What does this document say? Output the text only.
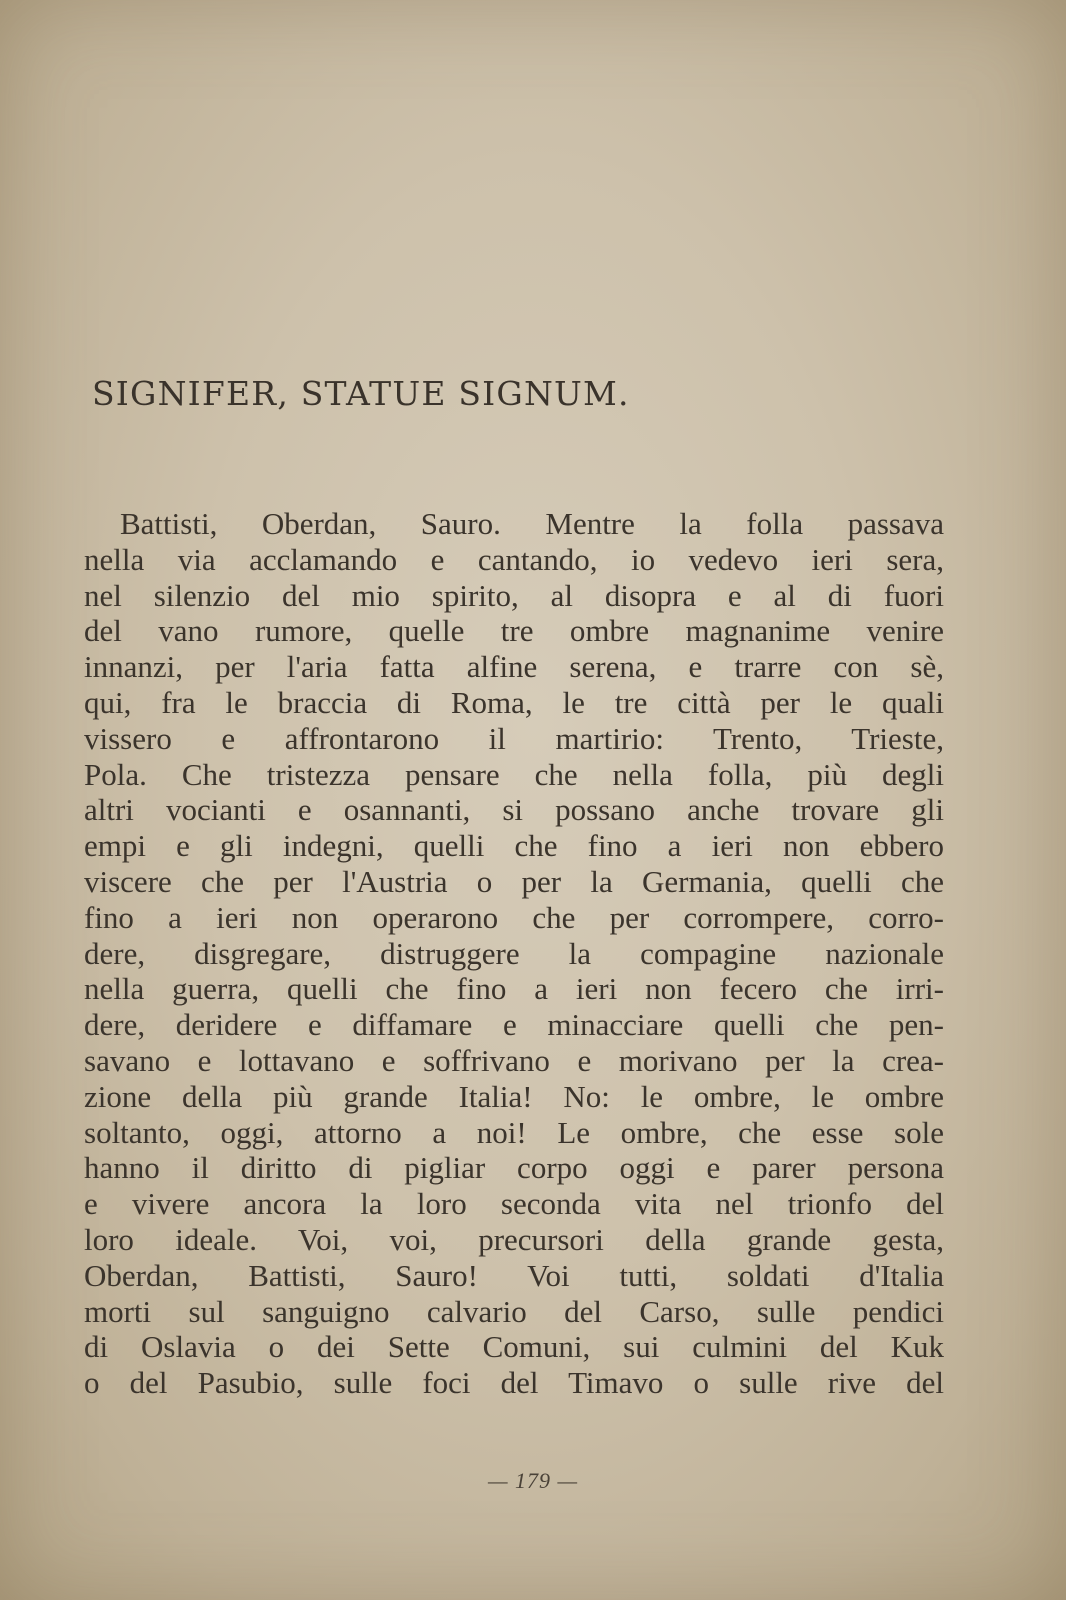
SIGNIFER, STATUE SIGNUM.
Battisti, Oberdan, Sauro. Mentre la folla passava
nella via acclamando e cantando, io vedevo ieri sera,
nel silenzio del mio spirito, al disopra e al di fuori
del vano rumore, quelle tre ombre magnanime venire
innanzi, per l'aria fatta alfine serena, e trarre con sè,
qui, fra le braccia di Roma, le tre città per le quali
vissero e affrontarono il martirio: Trento, Trieste,
Pola. Che tristezza pensare che nella folla, più degli
altri vocianti e osannanti, si possano anche trovare gli
empi e gli indegni, quelli che fino a ieri non ebbero
viscere che per l'Austria o per la Germania, quelli che
fino a ieri non operarono che per corrompere, corro-
dere, disgregare, distruggere la compagine nazionale
nella guerra, quelli che fino a ieri non fecero che irri-
dere, deridere e diffamare e minacciare quelli che pen-
savano e lottavano e soffrivano e morivano per la crea-
zione della più grande Italia! No: le ombre, le ombre
soltanto, oggi, attorno a noi! Le ombre, che esse sole
hanno il diritto di pigliar corpo oggi e parer persona
e vivere ancora la loro seconda vita nel trionfo del
loro ideale. Voi, voi, precursori della grande gesta,
Oberdan, Battisti, Sauro! Voi tutti, soldati d'Italia
morti sul sanguigno calvario del Carso, sulle pendici
di Oslavia o dei Sette Comuni, sui culmini del Kuk
o del Pasubio, sulle foci del Timavo o sulle rive del
— 179 —
